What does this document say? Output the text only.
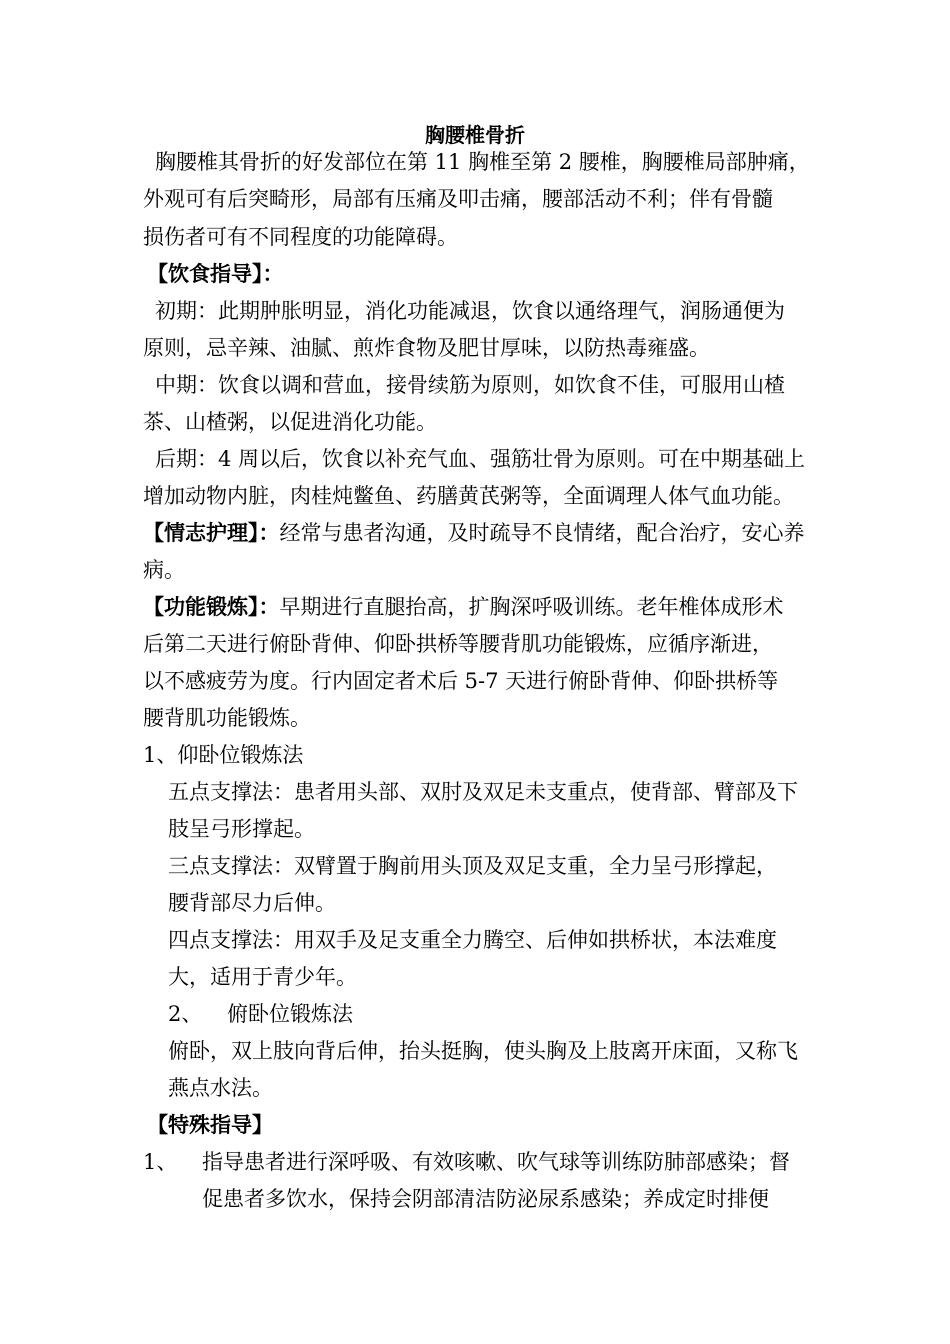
胸腰椎骨折
胸腰椎其骨折的好发部位在第 11 胸椎至第 2 腰椎，胸腰椎局部肿痛，
外观可有后突畸形，局部有压痛及叩击痛，腰部活动不利；伴有骨髓
损伤者可有不同程度的功能障碍。
【饮食指导】：
初期：此期肿胀明显，消化功能减退，饮食以通络理气，润肠通便为
原则，忌辛辣、油腻、煎炸食物及肥甘厚味，以防热毒雍盛。
中期：饮食以调和营血，接骨续筋为原则，如饮食不佳，可服用山楂
茶、山楂粥，以促进消化功能。
后期：4 周以后，饮食以补充气血、强筋壮骨为原则。可在中期基础上
增加动物内脏，肉桂炖鳖鱼、药膳黄芪粥等，全面调理人体气血功能。
【情志护理】：经常与患者沟通，及时疏导不良情绪，配合治疗，安心养
病。
【功能锻炼】：早期进行直腿抬高，扩胸深呼吸训练。老年椎体成形术
后第二天进行俯卧背伸、仰卧拱桥等腰背肌功能锻炼，应循序渐进，
以不感疲劳为度。行内固定者术后 5-7 天进行俯卧背伸、仰卧拱桥等
腰背肌功能锻炼。
1、仰卧位锻炼法
五点支撑法：患者用头部、双肘及双足未支重点，使背部、臂部及下
肢呈弓形撑起。
三点支撑法：双臂置于胸前用头顶及双足支重，全力呈弓形撑起，
腰背部尽力后伸。
四点支撑法：用双手及足支重全力腾空、后伸如拱桥状，本法难度
大，适用于青少年。
2、 俯卧位锻炼法
俯卧，双上肢向背后伸，抬头挺胸，使头胸及上肢离开床面，又称飞
燕点水法。
【特殊指导】
1、 指导患者进行深呼吸、有效咳嗽、吹气球等训练防肺部感染；督
促患者多饮水，保持会阴部清洁防泌尿系感染；养成定时排便
